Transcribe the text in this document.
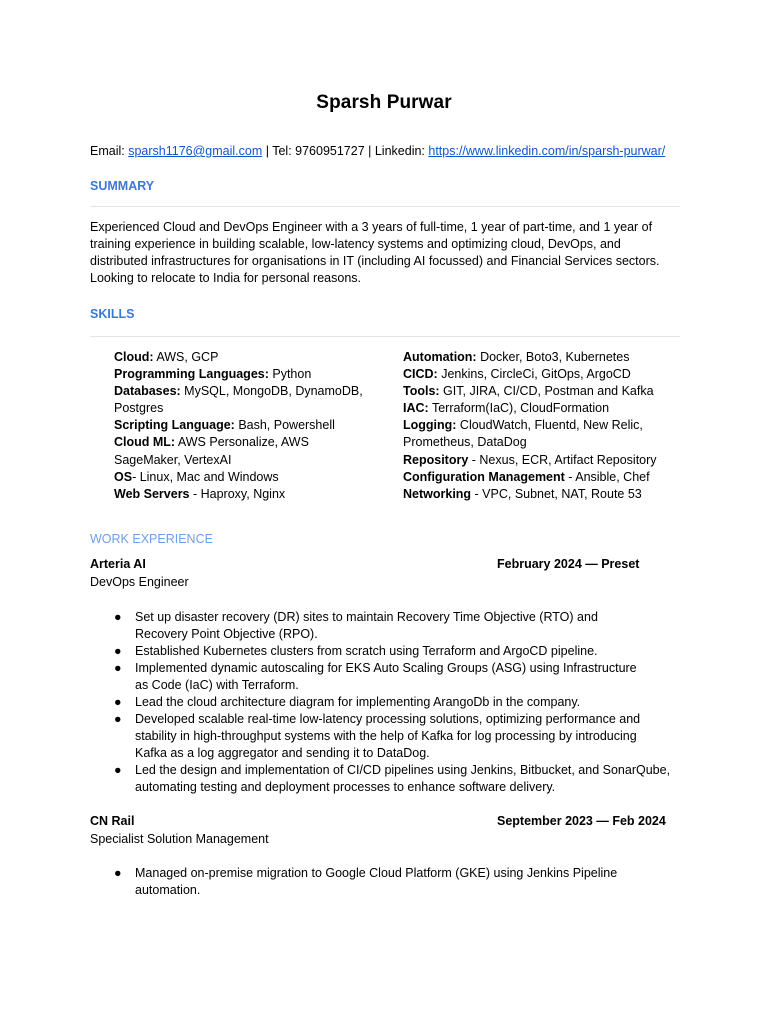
Sparsh Purwar
Email: sparsh1176@gmail.com | Tel: 9760951727 | Linkedin: https://www.linkedin.com/in/sparsh-purwar/
SUMMARY
Experienced Cloud and DevOps Engineer with a 3 years of full-time, 1 year of part-time, and 1 year of training experience in building scalable, low-latency systems and optimizing cloud, DevOps, and distributed infrastructures for organisations in IT (including AI focussed) and Financial Services sectors. Looking to relocate to India for personal reasons.
SKILLS
Cloud: AWS, GCP
Programming Languages: Python
Databases: MySQL, MongoDB, DynamoDB, Postgres
Scripting Language: Bash, Powershell
Cloud ML: AWS Personalize, AWS SageMaker, VertexAI
OS- Linux, Mac and Windows
Web Servers - Haproxy, Nginx
Automation: Docker, Boto3, Kubernetes
CICD: Jenkins, CircleCi, GitOps, ArgoCD
Tools: GIT, JIRA, CI/CD, Postman and Kafka
IAC: Terraform(IaC), CloudFormation
Logging: CloudWatch, Fluentd, New Relic, Prometheus, DataDog
Repository - Nexus, ECR, Artifact Repository
Configuration Management - Ansible, Chef
Networking - VPC, Subnet, NAT, Route 53
WORK EXPERIENCE
Arteria AI	February 2024 — Preset
DevOps Engineer
● Set up disaster recovery (DR) sites to maintain Recovery Time Objective (RTO) and Recovery Point Objective (RPO).
● Established Kubernetes clusters from scratch using Terraform and ArgoCD pipeline.
● Implemented dynamic autoscaling for EKS Auto Scaling Groups (ASG) using Infrastructure as Code (IaC) with Terraform.
● Lead the cloud architecture diagram for implementing ArangoDb in the company.
● Developed scalable real-time low-latency processing solutions, optimizing performance and stability in high-throughput systems with the help of Kafka for log processing by introducing Kafka as a log aggregator and sending it to DataDog.
● Led the design and implementation of CI/CD pipelines using Jenkins, Bitbucket, and SonarQube, automating testing and deployment processes to enhance software delivery.
CN Rail	September 2023 — Feb 2024
Specialist Solution Management
● Managed on-premise migration to Google Cloud Platform (GKE) using Jenkins Pipeline automation.
